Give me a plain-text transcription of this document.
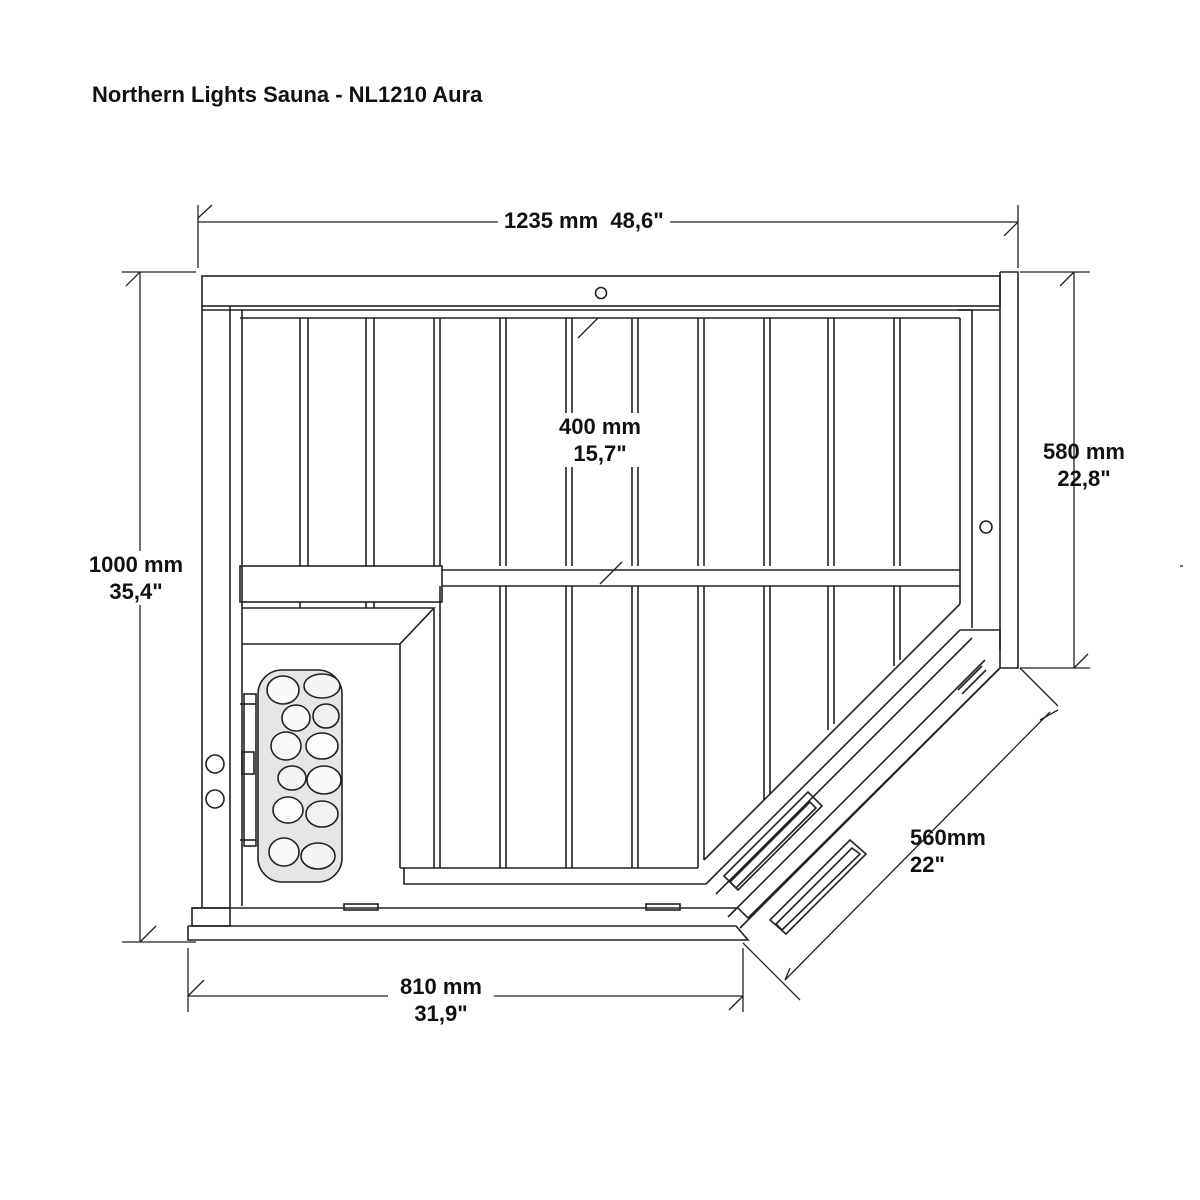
Northern Lights Sauna - NL1210 Aura
1235 mm 48,6"
400 mm
15,7"
1000 mm
35,4"
580 mm
22,8"
560mm
22"
810 mm
31,9"
